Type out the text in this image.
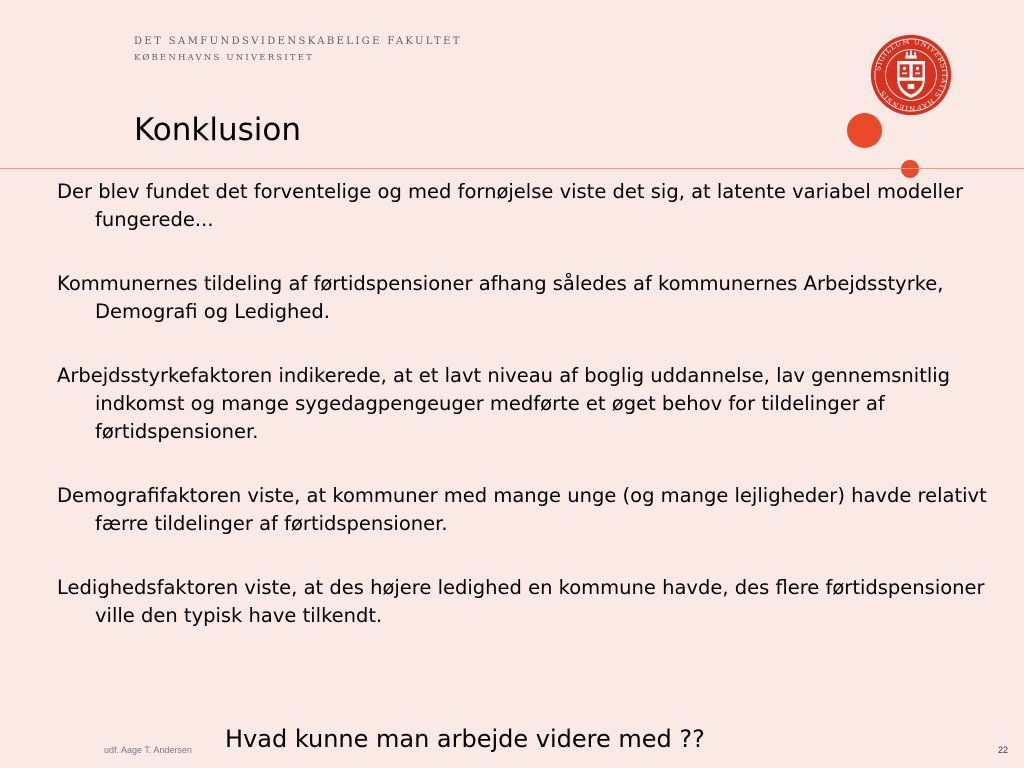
DET SAMFUNDSVIDENSKABELIGE FAKULTET
KØBENHAVNS UNIVERSITET
SIGILLUM UNIVERSITATIS HAFNIENSIS
Konklusion
Der blev fundet det forventelige og med fornøjelse viste det sig, at latente variabel modeller fungerede...
Kommunernes tildeling af førtidspensioner afhang således af kommunernes Arbejdsstyrke, Demografi og Ledighed.
Arbejdsstyrkefaktoren indikerede, at et lavt niveau af boglig uddannelse, lav gennemsnitlig indkomst og mange sygedagpengeuger medførte et øget behov for tildelinger af førtidspensioner.
Demografifaktoren viste, at kommuner med mange unge (og mange lejligheder) havde relativt færre tildelinger af førtidspensioner.
Ledighedsfaktoren viste, at des højere ledighed en kommune havde, des flere førtidspensioner ville den typisk have tilkendt.
Hvad kunne man arbejde videre med ??
udf. Aage T. Andersen	22
